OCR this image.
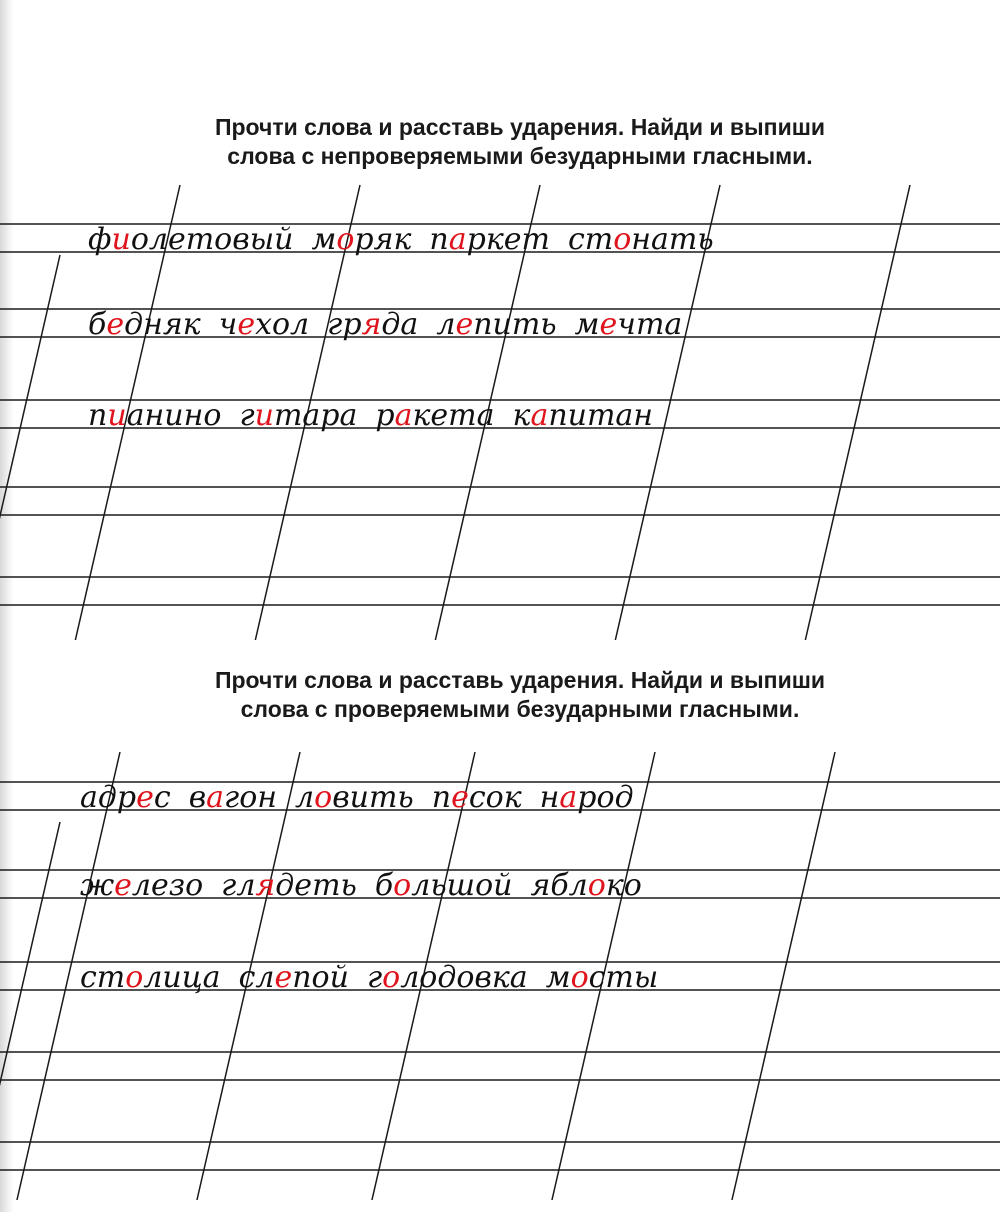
Прочти слова и расставь ударения. Найди и выпиши
слова с непроверяемыми безударными гласными.
Прочти слова и расставь ударения. Найди и выпиши
слова с проверяемыми безударными гласными.
фиолетовый моряк паркет стонать
бедняк чехол гряда лепить мечта
пианино гитара ракета капитан
адрес вагон ловить песок народ
железо глядеть большой яблоко
столица слепой голодовка мосты
